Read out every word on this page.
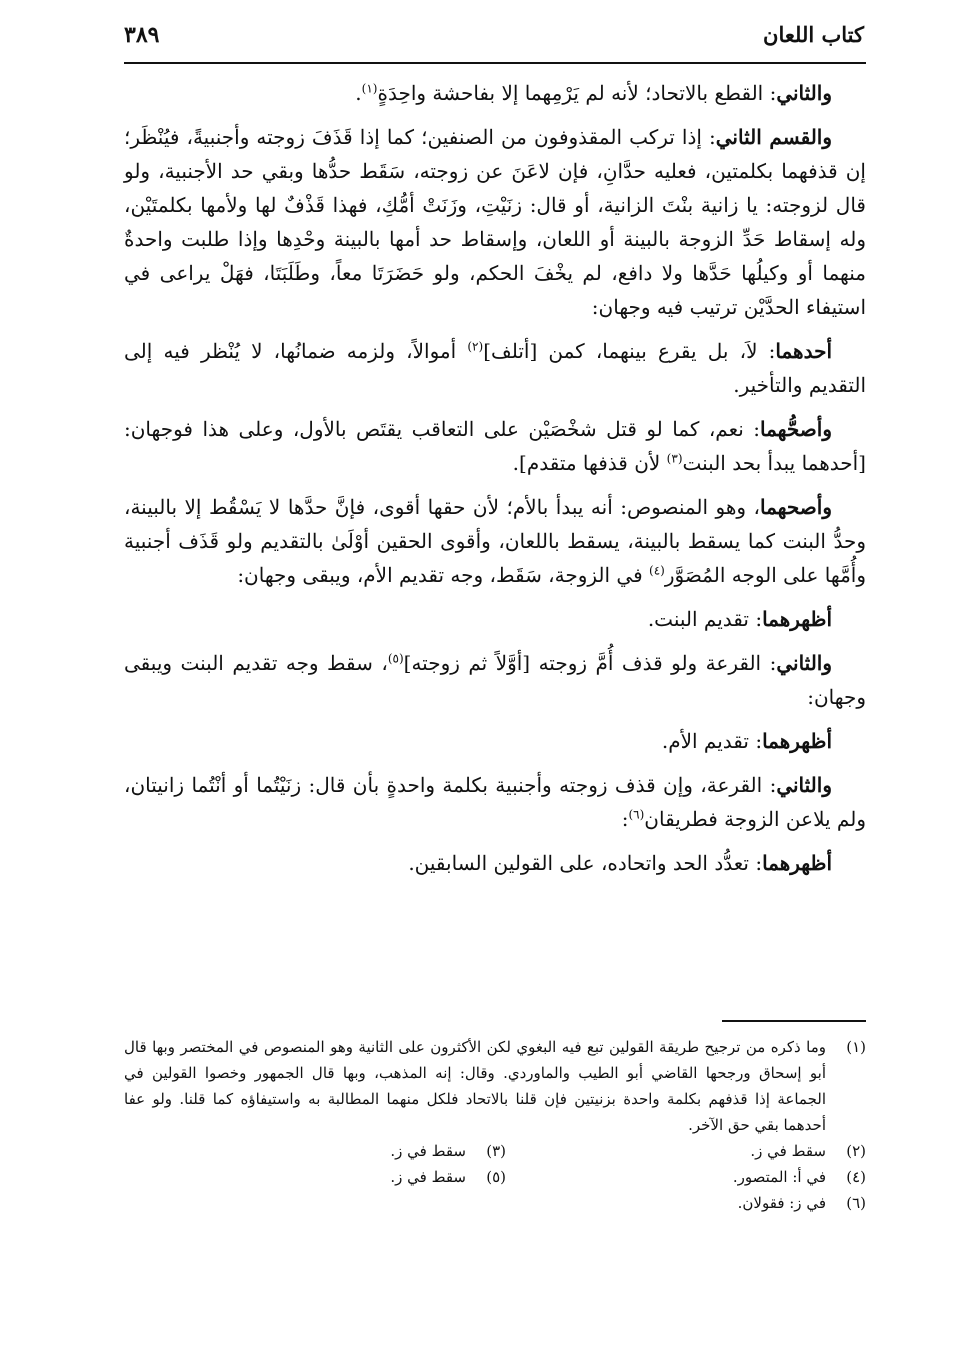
كتاب اللعان
٣٨٩

والثاني: القطع بالاتحاد؛ لأنه لم يَرْمِهما إلا بفاحشة واحِدَةٍ$^{(١)}$.

والقسم الثاني: إذا تركب المقذوفون من الصنفين؛ كما إذا قَذَفَ زوجته وأجنبيةً، فيُنْظَر؛ إن قذفهما بكلمتين، فعليه حدَّانِ، فإن لاعَنَ عن زوجته، سَقَط حدُّها وبقي حد الأجنبية، ولو قال لزوجته: يا زانية بنْتَ الزانية، أو قال: زنَيْتِ، وزَنَتْ أمُّكِ، فهذا قَذْفٌ لها ولأمها بكلمتَيْن، وله إسقاط حَدِّ الزوجة بالبينة أو اللعان، وإسقاط حد أمها بالبينة وحْدِها وإذا طلبت واحدةٌ منهما أو وكيلُها حَدَّها ولا دافع، لم يخْفَ الحكم، ولو حَضَرَتَا معاً، وطَلَبَتَا، فهَلْ يراعى في استيفاء الحدَّيْن ترتيب فيه وجهان:

أحدهما: لاَ، بل يقرع بينهما، كمن [أتلف]$^{(٢)}$ أموالاً، ولزمه ضمانُها، لا يُنْظر فيه إلى التقديم والتأخير.

وأصحُّهما: نعم، كما لو قتل شخْصَيْن على التعاقب يقتَص بالأول، وعلى هذا فوجهان: [أحدهما يبدأ بحد البنت$^{(٣)}$ لأن قذفها متقدم].

وأصحهما، وهو المنصوص: أنه يبدأ بالأم؛ لأن حقها أقوى، فإنَّ حدَّها لا يَسْقُط إلا بالبينة، وحدُّ البنت كما يسقط بالبينة، يسقط باللعان، وأقوى الحقين أوْلَىٰ بالتقديم ولو قَذَف أجنبية وأُمَّها على الوجه المُصَوَّر$^{(٤)}$ في الزوجة، سَقَط، وجه تقديم الأم، ويبقى وجهان:

أظهرهما: تقديم البنت.

والثاني: القرعة ولو قذف أُمَّ زوجته [أوَّلاً ثم زوجته]$^{(٥)}$، سقط وجه تقديم البنت ويبقى وجهان:

أظهرهما: تقديم الأم.

والثاني: القرعة، وإن قذف زوجته وأجنبية بكلمة واحدةٍ بأن قال: زنَيْتُما أو أنْتُما زانيتان، ولم يلاعن الزوجة فطريقان$^{(٦)}$:

أظهرهما: تعدُّد الحد واتحاده، على القولين السابقين.

(١)
وما ذكره من ترجيح طريقة القولين تبع فيه البغوي لكن الأكثرون على الثانية وهو المنصوص في المختصر وبها قال أبو إسحاق ورجحها القاضي أبو الطيب والماوردي. وقال: إنه المذهب، وبها قال الجمهور وخصوا القولين في الجماعة إذا قذفهم بكلمة واحدة بزنيتين فإن قلنا بالاتحاد فلكل منهما المطالبة به واستيفاؤه كما قلنا. ولو عفا أحدهما بقي حق الآخر.
(٢)
سقط في ز.
(٣)
سقط في ز.
(٤)
في أ: المتصور.
(٥)
سقط في ز.
(٦)
في ز: فقولان.
